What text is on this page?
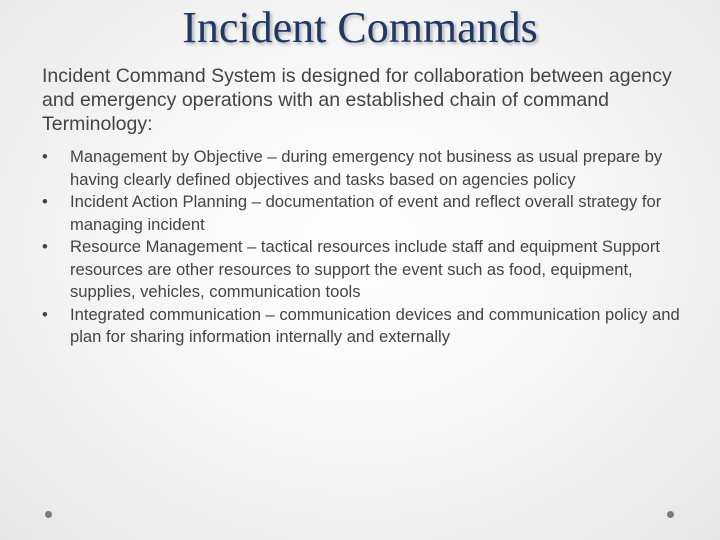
Incident Commands

Incident Command System is designed for collaboration between agency and emergency operations with an established chain of command

Terminology:

•	Management by Objective – during emergency not business as usual prepare by having clearly defined objectives and tasks based on agencies policy
•	Incident Action Planning – documentation of event and reflect overall strategy for managing incident
•	Resource Management – tactical resources include staff and equipment Support resources are other resources to support the event such as food, equipment, supplies, vehicles, communication tools
•	Integrated communication – communication devices and communication policy and plan for sharing information internally and externally
